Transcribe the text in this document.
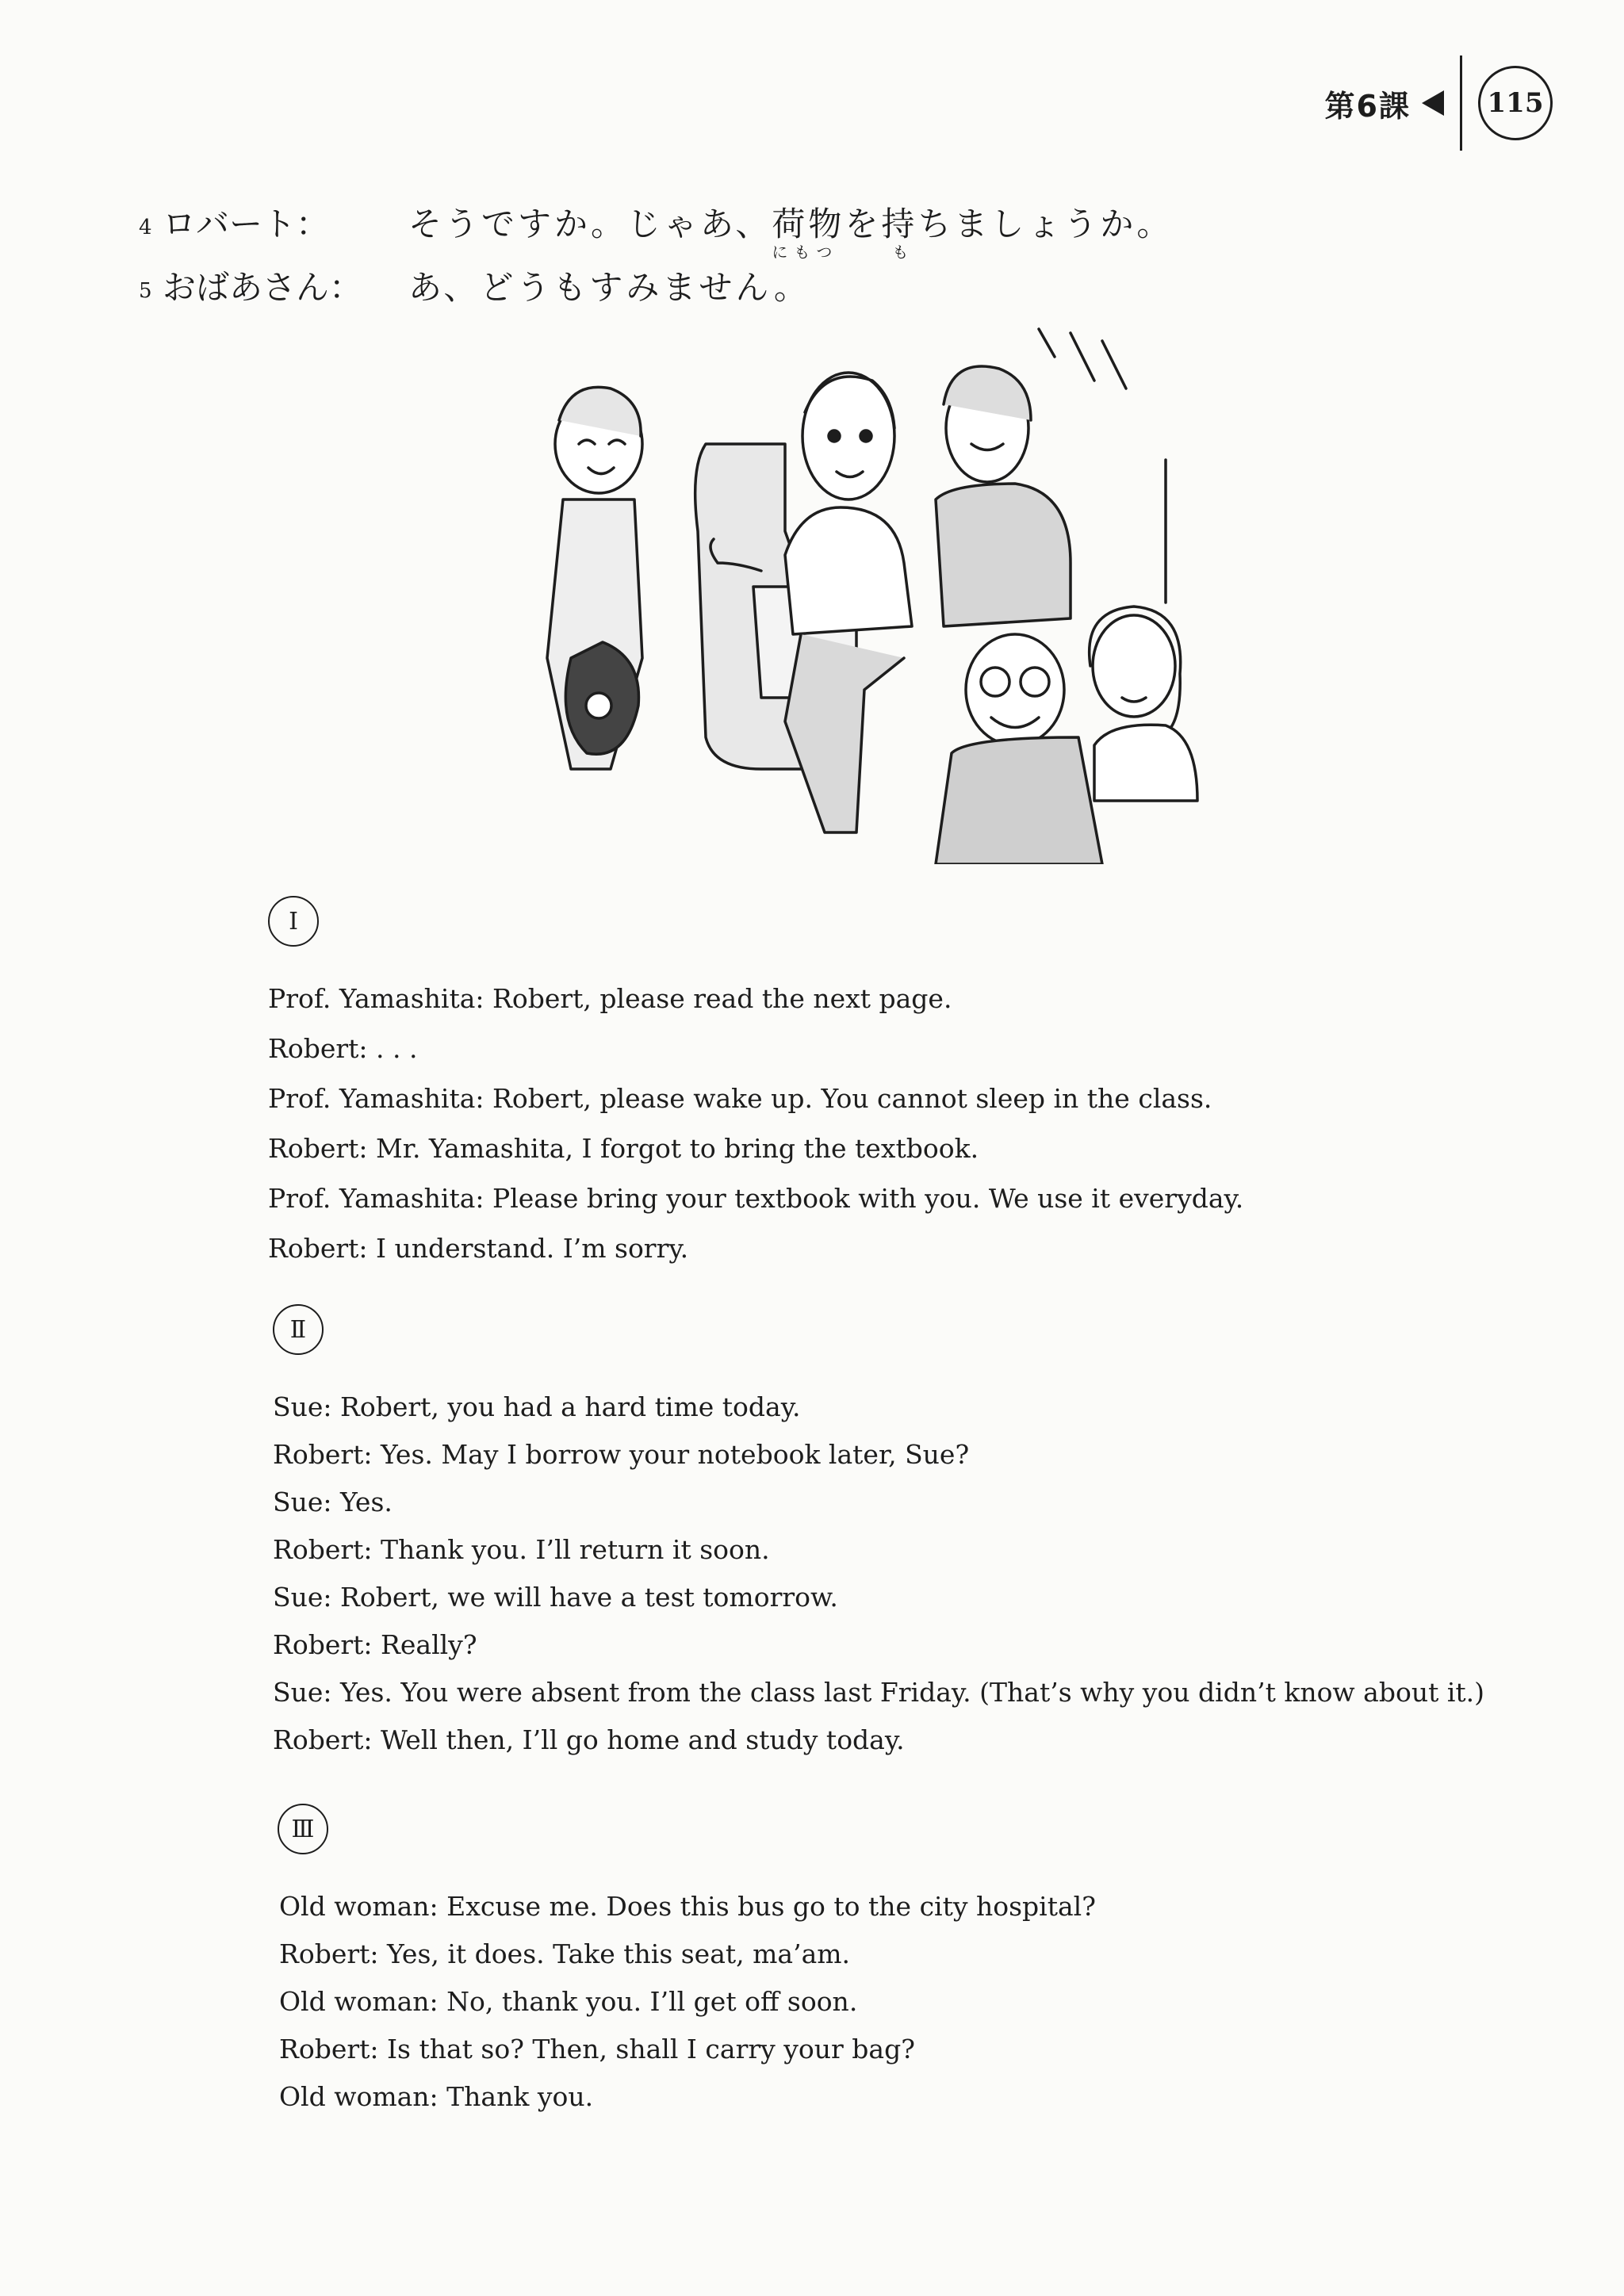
第6課	115
4 ロバート：	そうですか。じゃあ、荷物
にもつ
を持
も
ちましょうか。
5 おばあさん：	あ、どうもすみません。
Ⅰ
Prof. Yamashita: Robert, please read the next page.
Robert: . . .
Prof. Yamashita: Robert, please wake up. You cannot sleep in the class.
Robert: Mr. Yamashita, I forgot to bring the textbook.
Prof. Yamashita: Please bring your textbook with you. We use it everyday.
Robert: I understand. I’m sorry.
Ⅱ
Sue: Robert, you had a hard time today.
Robert: Yes. May I borrow your notebook later, Sue?
Sue: Yes.
Robert: Thank you. I’ll return it soon.
Sue: Robert, we will have a test tomorrow.
Robert: Really?
Sue: Yes. You were absent from the class last Friday. (That’s why you didn’t know about it.)
Robert: Well then, I’ll go home and study today.
Ⅲ
Old woman: Excuse me. Does this bus go to the city hospital?
Robert: Yes, it does. Take this seat, ma’am.
Old woman: No, thank you. I’ll get off soon.
Robert: Is that so? Then, shall I carry your bag?
Old woman: Thank you.
